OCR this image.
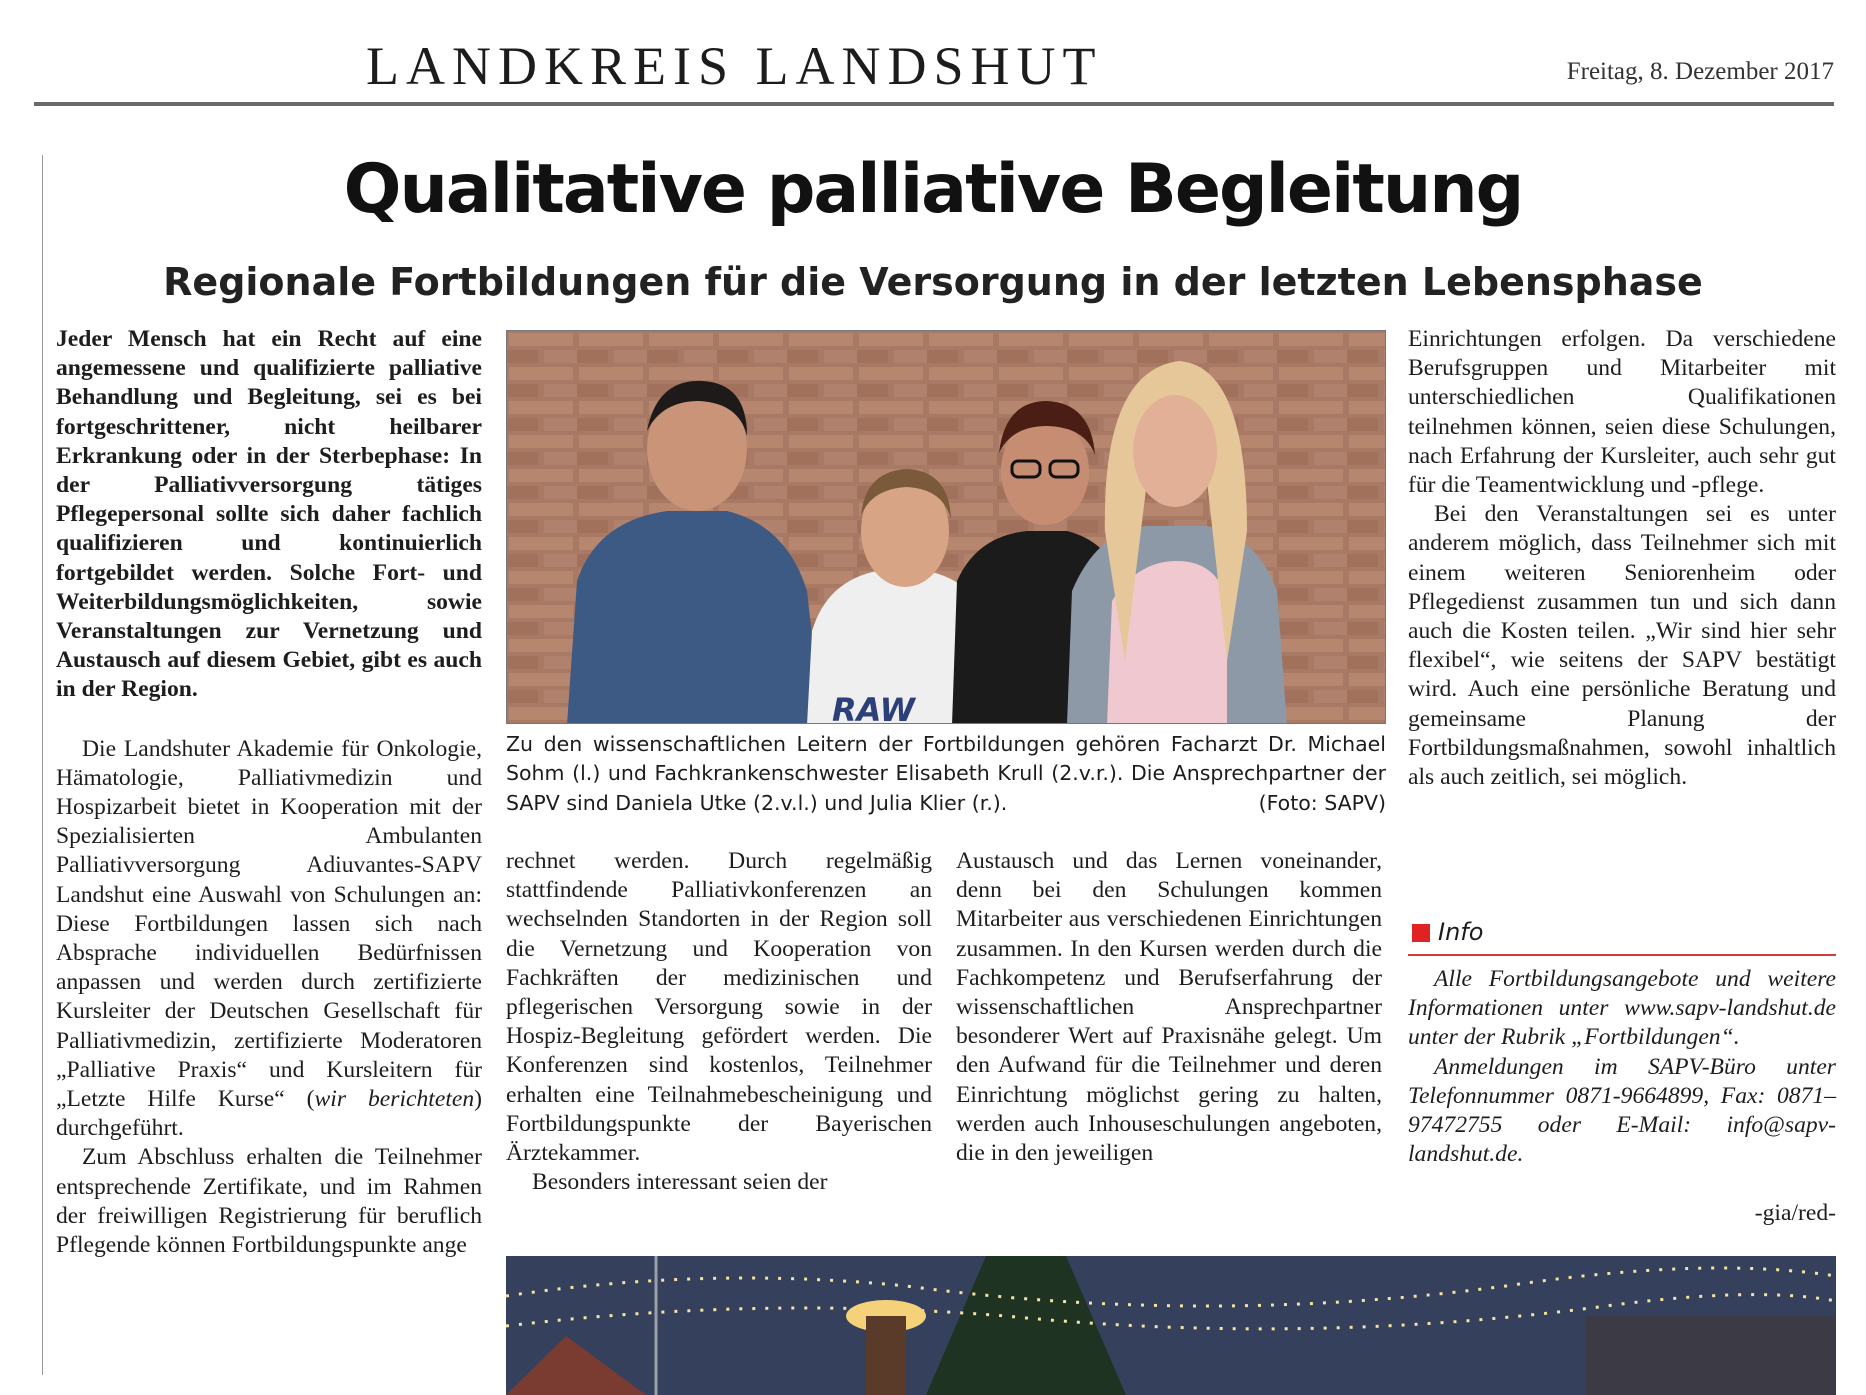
LANDKREIS LANDSHUT	Freitag, 8. Dezember 2017
Qualitative palliative Begleitung
Regionale Fortbildungen für die Versorgung in der letzten Lebensphase

Jeder Mensch hat ein Recht auf eine angemessene und qualifizierte palliative Behandlung und Begleitung, sei es bei fortgeschrittener, nicht heilbarer Erkrankung oder in der Sterbephase: In der Palliativversorgung tätiges Pflegepersonal sollte sich daher fachlich qualifizieren und kontinuierlich fortgebildet werden. Solche Fort- und Weiterbildungsmöglichkeiten, sowie Veranstaltungen zur Vernetzung und Austausch auf diesem Gebiet, gibt es auch in der Region.

Die Landshuter Akademie für Onkologie, Hämatologie, Palliativmedizin und Hospizarbeit bietet in Kooperation mit der Spezialisierten Ambulanten Palliativversorgung Adiuvantes-SAPV Landshut eine Auswahl von Schulungen an: Diese Fortbildungen lassen sich nach Absprache individuellen Bedürfnissen anpassen und werden durch zertifizierte Kursleiter der Deutschen Gesellschaft für Palliativmedizin, zertifizierte Moderatoren „Palliative Praxis“ und Kursleitern für „Letzte Hilfe Kurse“ (wir berichteten) durchgeführt.

Zum Abschluss erhalten die Teilnehmer entsprechende Zertifikate, und im Rahmen der freiwilligen Registrierung für beruflich Pflegende können Fortbildungspunkte ange

RAW
Zu den wissenschaftlichen Leitern der Fortbildungen gehören Facharzt Dr. Michael Sohm (l.) und Fachkrankenschwester Elisabeth Krull (2.v.r.). Die Ansprechpartner der SAPV sind Daniela Utke (2.v.l.) und Julia Klier (r.).	(Foto: SAPV)

rechnet werden. Durch regelmäßig stattfindende Palliativkonferenzen an wechselnden Standorten in der Region soll die Vernetzung und Kooperation von Fachkräften der medizinischen und pflegerischen Versorgung sowie in der Hospiz-Begleitung gefördert werden. Die Konferenzen sind kostenlos, Teilnehmer erhalten eine Teilnahmebescheinigung und Fortbildungspunkte der Bayerischen Ärztekammer.

Besonders interessant seien der

Austausch und das Lernen voneinander, denn bei den Schulungen kommen Mitarbeiter aus verschiedenen Einrichtungen zusammen. In den Kursen werden durch die Fachkompetenz und Berufserfahrung der wissenschaftlichen Ansprechpartner besonderer Wert auf Praxisnähe gelegt. Um den Aufwand für die Teilnehmer und deren Einrichtung möglichst gering zu halten, werden auch Inhouseschulungen angeboten, die in den jeweiligen

Einrichtungen erfolgen. Da verschiedene Berufsgruppen und Mitarbeiter mit unterschiedlichen Qualifikationen teilnehmen können, seien diese Schulungen, nach Erfahrung der Kursleiter, auch sehr gut für die Teamentwicklung und -pflege.

Bei den Veranstaltungen sei es unter anderem möglich, dass Teilnehmer sich mit einem weiteren Seniorenheim oder Pflegedienst zusammen tun und sich dann auch die Kosten teilen. „Wir sind hier sehr flexibel“, wie seitens der SAPV bestätigt wird. Auch eine persönliche Beratung und gemeinsame Planung der Fortbildungsmaßnahmen, sowohl inhaltlich als auch zeitlich, sei möglich.

Info

Alle Fortbildungsangebote und weitere Informationen unter www.sapv-landshut.de unter der Rubrik „Fortbildungen“.

Anmeldungen im SAPV-Büro unter Telefonnummer 0871-9664899, Fax: 0871–97472755 oder E-Mail: info@sapv-landshut.de.

-gia/red-
